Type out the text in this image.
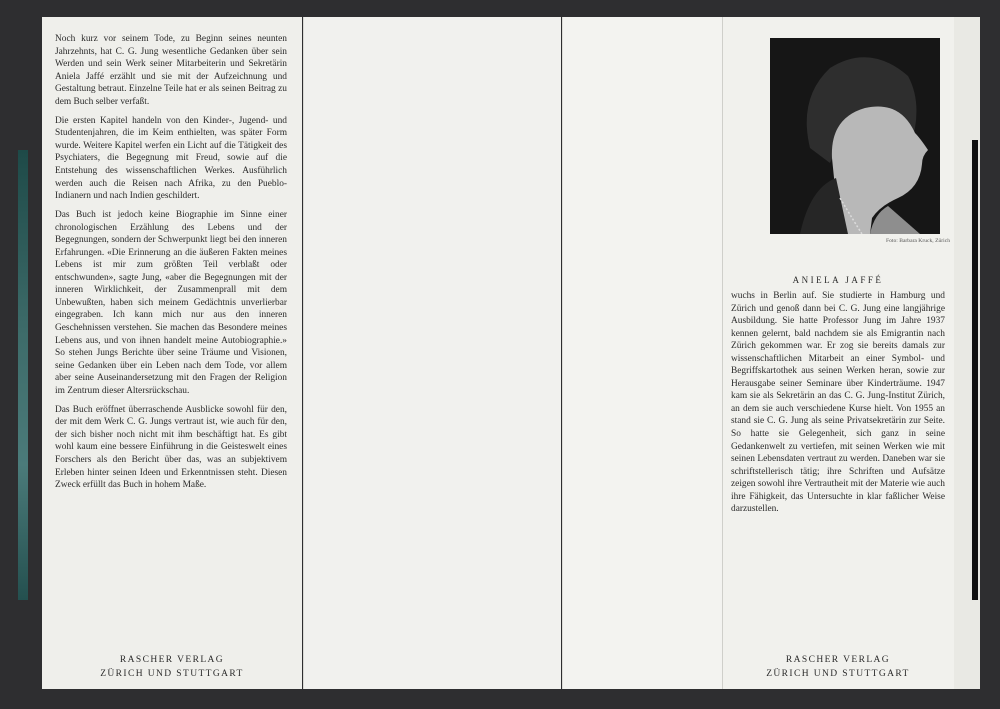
Noch kurz vor seinem Tode, zu Beginn seines neunten Jahrzehnts, hat C. G. Jung wesentliche Gedanken über sein Werden und sein Werk seiner Mitarbeiterin und Sekretärin Aniela Jaffé erzählt und sie mit der Aufzeichnung und Gestaltung betraut. Einzelne Teile hat er als seinen Beitrag zu dem Buch selber verfaßt.

Die ersten Kapitel handeln von den Kinder-, Jugend- und Studentenjahren, die im Keim enthielten, was später Form wurde. Weitere Kapitel werfen ein Licht auf die Tätigkeit des Psychiaters, die Begegnung mit Freud, sowie auf die Entstehung des wissenschaftlichen Werkes. Ausführlich werden auch die Reisen nach Afrika, zu den Pueblo-Indianern und nach Indien geschildert.

Das Buch ist jedoch keine Biographie im Sinne einer chronologischen Erzählung des Lebens und der Begegnungen, sondern der Schwerpunkt liegt bei den inneren Erfahrungen. «Die Erinnerung an die äußeren Fakten meines Lebens ist mir zum größten Teil verblaßt oder entschwunden», sagte Jung, «aber die Begegnungen mit der inneren Wirklichkeit, der Zusammenprall mit dem Unbewußten, haben sich meinem Gedächtnis unverlierbar eingegraben. Ich kann mich nur aus den inneren Geschehnissen verstehen. Sie machen das Besondere meines Lebens aus, und von ihnen handelt meine Autobiographie.» So stehen Jungs Berichte über seine Träume und Visionen, seine Gedanken über ein Leben nach dem Tode, vor allem aber seine Auseinandersetzung mit den Fragen der Religion im Zentrum dieser Altersrückschau.

Das Buch eröffnet überraschende Ausblicke sowohl für den, der mit dem Werk C. G. Jungs vertraut ist, wie auch für den, der sich bisher noch nicht mit ihm beschäftigt hat. Es gibt wohl kaum eine bessere Einführung in die Geisteswelt eines Forschers als den Bericht über das, was an subjektivem Erleben hinter seinen Ideen und Erkenntnissen steht. Diesen Zweck erfüllt das Buch in hohem Maße.

RASCHER VERLAG
ZÜRICH UND STUTTGART
Foto: Barbara Kruck, Zürich
ANIELA JAFFÉ

wuchs in Berlin auf. Sie studierte in Hamburg und Zürich und genoß dann bei C. G. Jung eine langjährige Ausbildung. Sie hatte Professor Jung im Jahre 1937 kennen gelernt, bald nachdem sie als Emigrantin nach Zürich gekommen war. Er zog sie bereits damals zur wissenschaftlichen Mitarbeit an einer Symbol- und Begriffskartothek aus seinen Werken heran, sowie zur Herausgabe seiner Seminare über Kinderträume. 1947 kam sie als Sekretärin an das C. G. Jung-Institut Zürich, an dem sie auch verschiedene Kurse hielt. Von 1955 an stand sie C. G. Jung als seine Privatsekretärin zur Seite. So hatte sie Gelegenheit, sich ganz in seine Gedankenwelt zu vertiefen, mit seinen Werken wie mit seinen Lebensdaten vertraut zu werden. Daneben war sie schriftstellerisch tätig; ihre Schriften und Aufsätze zeigen sowohl ihre Vertrautheit mit der Materie wie auch ihre Fähigkeit, das Untersuchte in klar faßlicher Weise darzustellen.

RASCHER VERLAG
ZÜRICH UND STUTTGART
